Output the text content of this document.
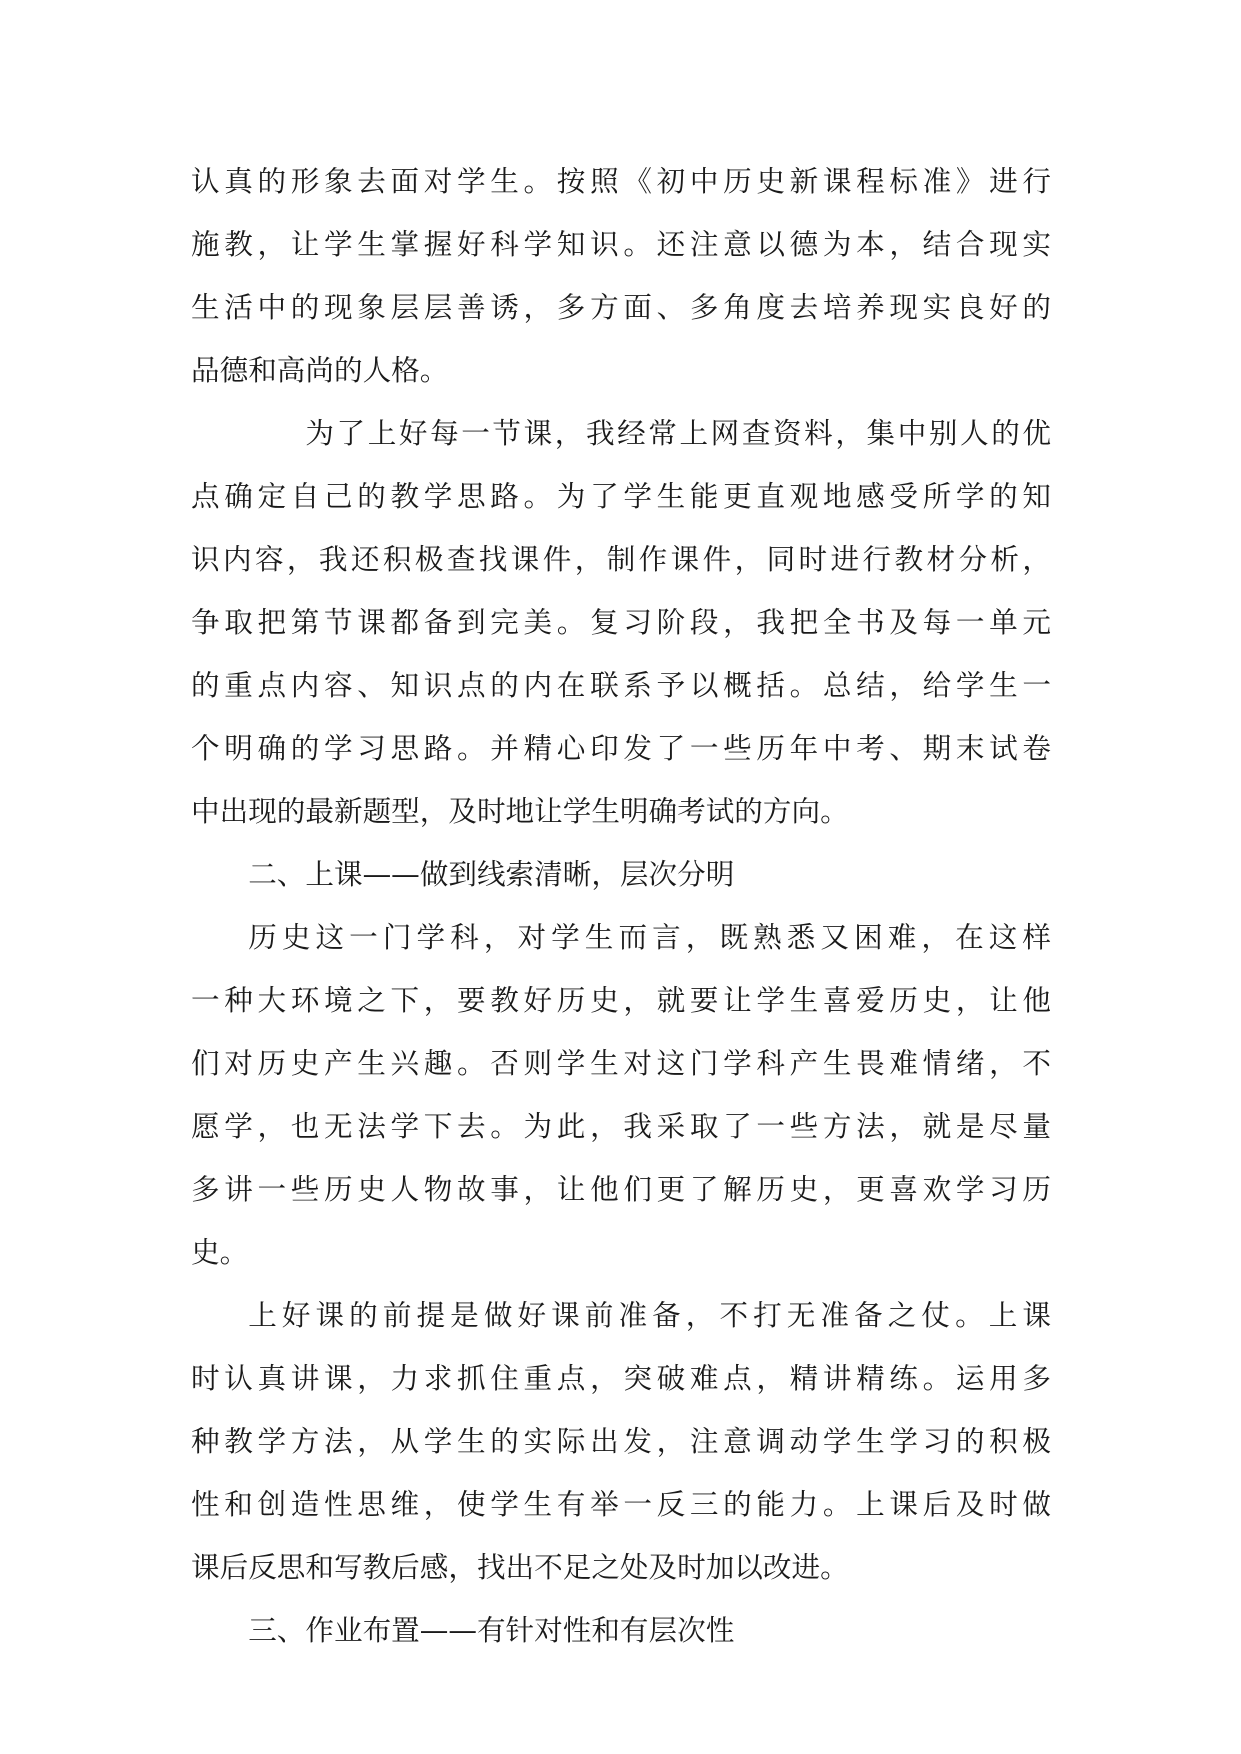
认真的形象去面对学生。按照《初中历史新课程标准》进行
施教，让学生掌握好科学知识。还注意以德为本，结合现实
生活中的现象层层善诱，多方面、多角度去培养现实良好的
品德和高尚的人格。
为了上好每一节课，我经常上网查资料，集中别人的优
点确定自己的教学思路。为了学生能更直观地感受所学的知
识内容，我还积极查找课件，制作课件，同时进行教材分析，
争取把第节课都备到完美。复习阶段，我把全书及每一单元
的重点内容、知识点的内在联系予以概括。总结，给学生一
个明确的学习思路。并精心印发了一些历年中考、期末试卷
中出现的最新题型，及时地让学生明确考试的方向。
二、上课——做到线索清晰，层次分明
历史这一门学科，对学生而言，既熟悉又困难，在这样
一种大环境之下，要教好历史，就要让学生喜爱历史，让他
们对历史产生兴趣。否则学生对这门学科产生畏难情绪，不
愿学，也无法学下去。为此，我采取了一些方法，就是尽量
多讲一些历史人物故事，让他们更了解历史，更喜欢学习历
史。
上好课的前提是做好课前准备，不打无准备之仗。上课
时认真讲课，力求抓住重点，突破难点，精讲精练。运用多
种教学方法，从学生的实际出发，注意调动学生学习的积极
性和创造性思维，使学生有举一反三的能力。上课后及时做
课后反思和写教后感，找出不足之处及时加以改进。
三、作业布置——有针对性和有层次性
